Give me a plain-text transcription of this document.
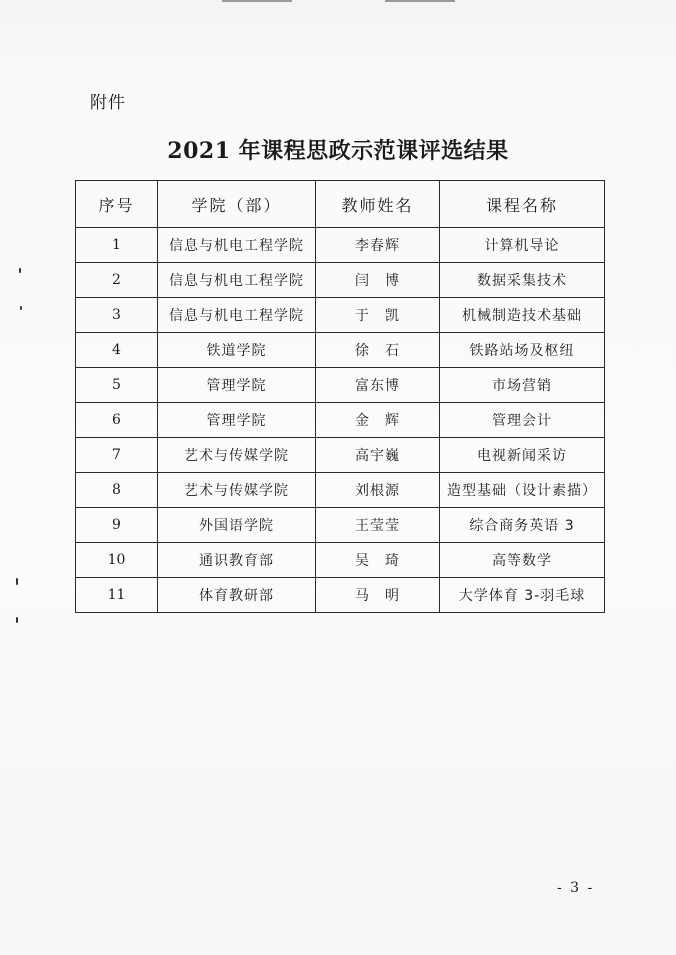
附件
2021 年课程思政示范课评选结果
序号	学院（部）	教师姓名	课程名称
1	信息与机电工程学院	李春辉	计算机导论
2	信息与机电工程学院	闫　博	数据采集技术
3	信息与机电工程学院	于　凯	机械制造技术基础
4	铁道学院	徐　石	铁路站场及枢纽
5	管理学院	富东博	市场营销
6	管理学院	金　辉	管理会计
7	艺术与传媒学院	高宇巍	电视新闻采访
8	艺术与传媒学院	刘根源	造型基础（设计素描）
9	外国语学院	王莹莹	综合商务英语 3
10	通识教育部	吴　琦	高等数学
11	体育教研部	马　明	大学体育 3-羽毛球
- 3 -
